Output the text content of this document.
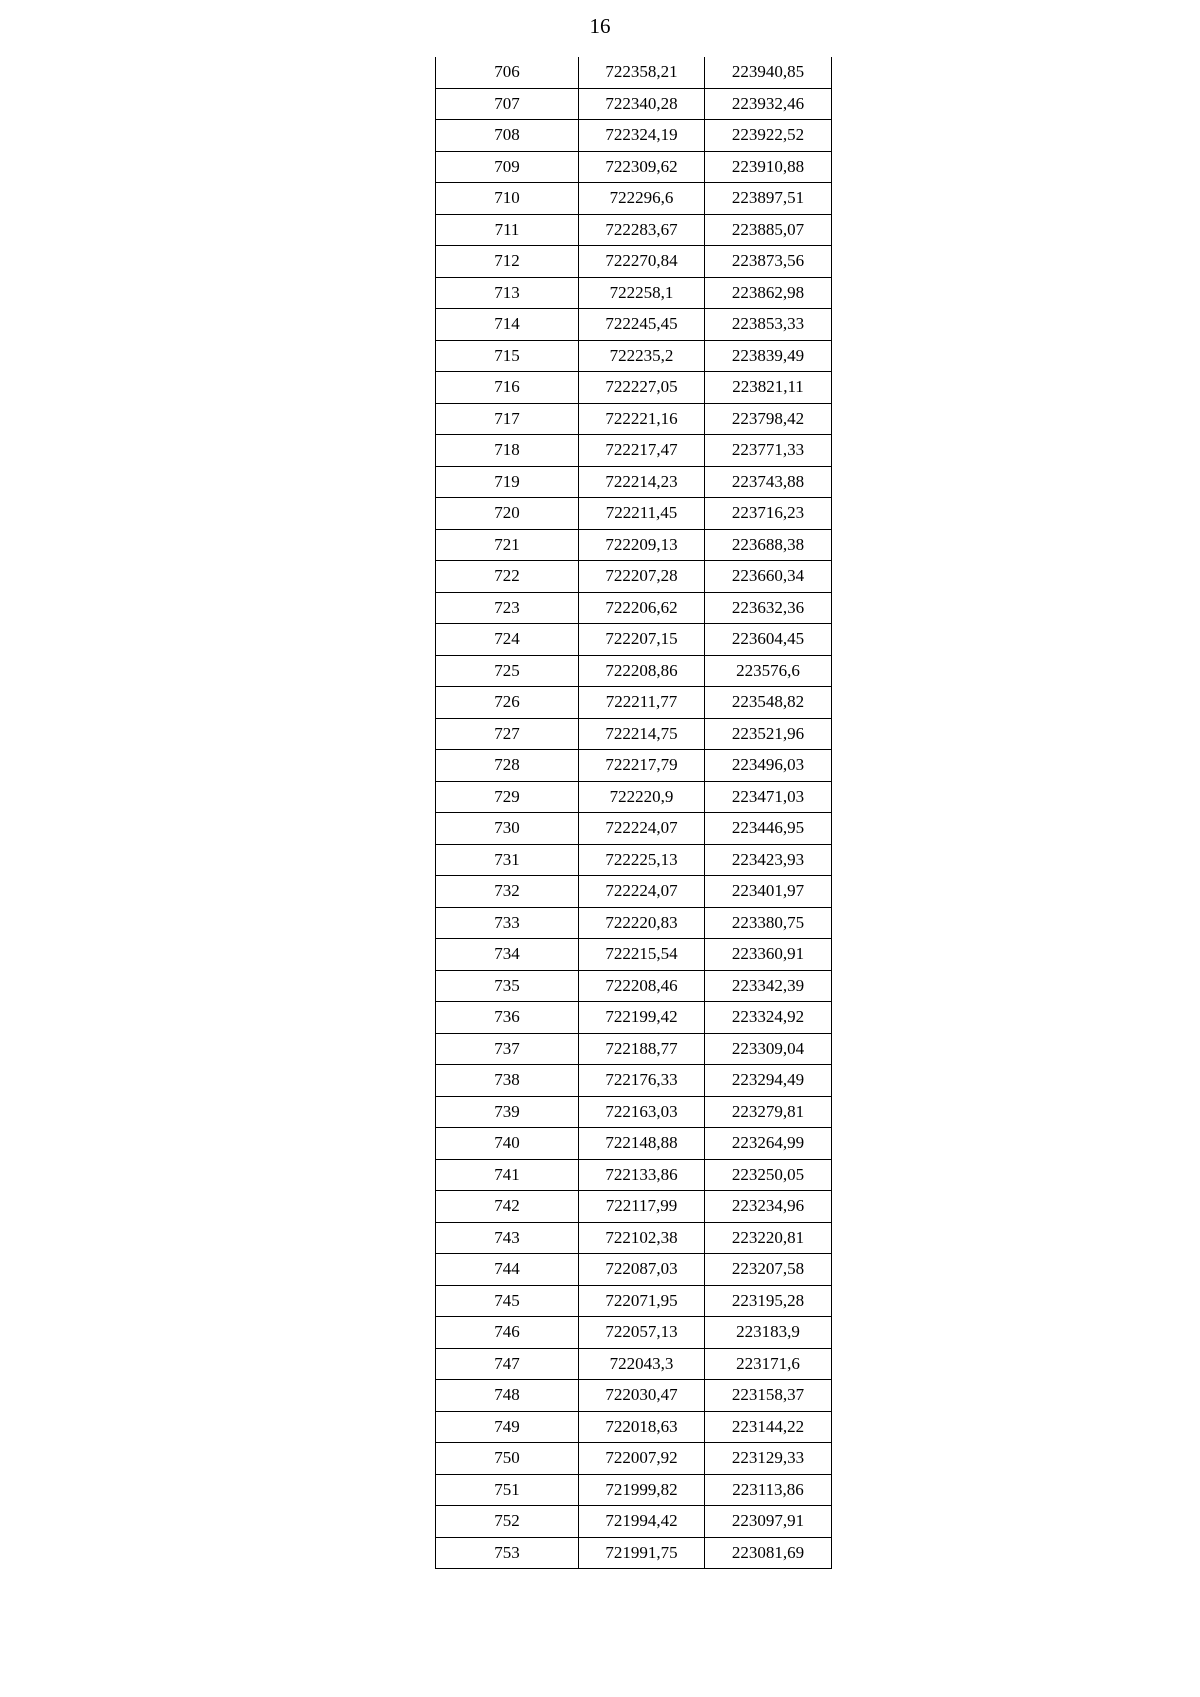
16
706	722358,21	223940,85
707	722340,28	223932,46
708	722324,19	223922,52
709	722309,62	223910,88
710	722296,6	223897,51
711	722283,67	223885,07
712	722270,84	223873,56
713	722258,1	223862,98
714	722245,45	223853,33
715	722235,2	223839,49
716	722227,05	223821,11
717	722221,16	223798,42
718	722217,47	223771,33
719	722214,23	223743,88
720	722211,45	223716,23
721	722209,13	223688,38
722	722207,28	223660,34
723	722206,62	223632,36
724	722207,15	223604,45
725	722208,86	223576,6
726	722211,77	223548,82
727	722214,75	223521,96
728	722217,79	223496,03
729	722220,9	223471,03
730	722224,07	223446,95
731	722225,13	223423,93
732	722224,07	223401,97
733	722220,83	223380,75
734	722215,54	223360,91
735	722208,46	223342,39
736	722199,42	223324,92
737	722188,77	223309,04
738	722176,33	223294,49
739	722163,03	223279,81
740	722148,88	223264,99
741	722133,86	223250,05
742	722117,99	223234,96
743	722102,38	223220,81
744	722087,03	223207,58
745	722071,95	223195,28
746	722057,13	223183,9
747	722043,3	223171,6
748	722030,47	223158,37
749	722018,63	223144,22
750	722007,92	223129,33
751	721999,82	223113,86
752	721994,42	223097,91
753	721991,75	223081,69
